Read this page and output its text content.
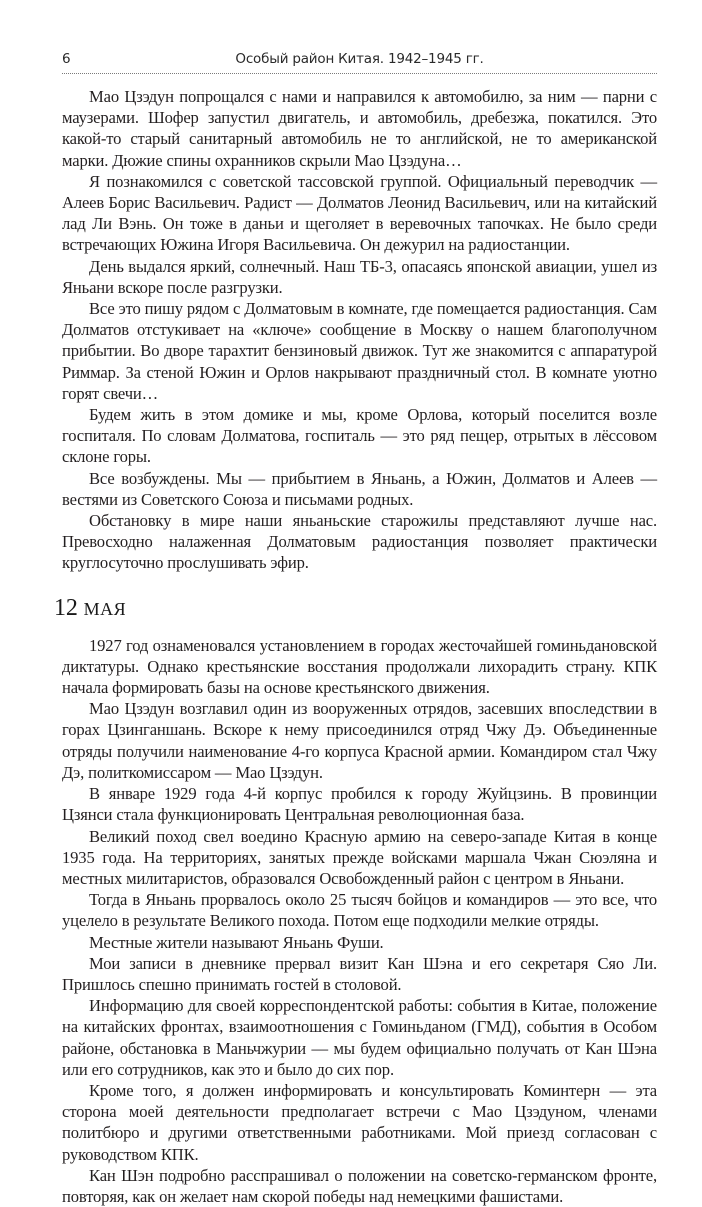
6	Особый район Китая. 1942–1945 гг.

Мао Цзэдун попрощался с нами и направился к автомобилю, за ним — парни с маузерами. Шофер запустил двигатель, и автомобиль, дребезжа, покатился. Это какой-то старый санитарный автомобиль не то английской, не то американской марки. Дюжие спины охранников скрыли Мао Цзэдуна…

Я познакомился с советской тассовской группой. Официальный переводчик — Алеев Борис Васильевич. Радист — Долматов Леонид Васильевич, или на китайский лад Ли Вэнь. Он тоже в даньи и щеголяет в веревочных тапочках. Не было среди встречающих Южина Игоря Васильевича. Он дежурил на радиостанции.

День выдался яркий, солнечный. Наш ТБ-3, опасаясь японской авиации, ушел из Яньани вскоре после разгрузки.

Все это пишу рядом с Долматовым в комнате, где помещается радиостанция. Сам Долматов отстукивает на «ключе» сообщение в Москву о нашем благополучном прибытии. Во дворе тарахтит бензиновый движок. Тут же знакомится с аппаратурой Риммар. За стеной Южин и Орлов накрывают праздничный стол. В комнате уютно горят свечи…

Будем жить в этом домике и мы, кроме Орлова, который поселится возле госпиталя. По словам Долматова, госпиталь — это ряд пещер, отрытых в лёссовом склоне горы.

Все возбуждены. Мы — прибытием в Яньань, а Южин, Долматов и Алеев — вестями из Советского Союза и письмами родных.

Обстановку в мире наши яньаньские старожилы представляют лучше нас. Превосходно налаженная Долматовым радиостанция позволяет практически круглосуточно прослушивать эфир.

12 МАЯ

1927 год ознаменовался установлением в городах жесточайшей гоминьдановской диктатуры. Однако крестьянские восстания продолжали лихорадить страну. КПК начала формировать базы на основе крестьянского движения.

Мао Цзэдун возглавил один из вооруженных отрядов, засевших впоследствии в горах Цзинганшань. Вскоре к нему присоединился отряд Чжу Дэ. Объединенные отряды получили наименование 4-го корпуса Красной армии. Командиром стал Чжу Дэ, политкомиссаром — Мао Цзэдун.

В январе 1929 года 4-й корпус пробился к городу Жуйцзинь. В провинции Цзянси стала функционировать Центральная революционная база.

Великий поход свел воедино Красную армию на северо-западе Китая в конце 1935 года. На территориях, занятых прежде войсками маршала Чжан Сюэляна и местных милитаристов, образовался Освобожденный район с центром в Яньани.

Тогда в Яньань прорвалось около 25 тысяч бойцов и командиров — это все, что уцелело в результате Великого похода. Потом еще подходили мелкие отряды.

Местные жители называют Яньань Фуши.

Мои записи в дневнике прервал визит Кан Шэна и его секретаря Сяо Ли. Пришлось спешно принимать гостей в столовой.

Информацию для своей корреспондентской работы: события в Китае, положение на китайских фронтах, взаимоотношения с Гоминьданом (ГМД), события в Особом районе, обстановка в Маньчжурии — мы будем официально получать от Кан Шэна или его сотрудников, как это и было до сих пор.

Кроме того, я должен информировать и консультировать Коминтерн — эта сторона моей деятельности предполагает встречи с Мао Цзэдуном, членами политбюро и другими ответственными работниками. Мой приезд согласован с руководством КПК.

Кан Шэн подробно расспрашивал о положении на советско-германском фронте, повторяя, как он желает нам скорой победы над немецкими фашистами.
